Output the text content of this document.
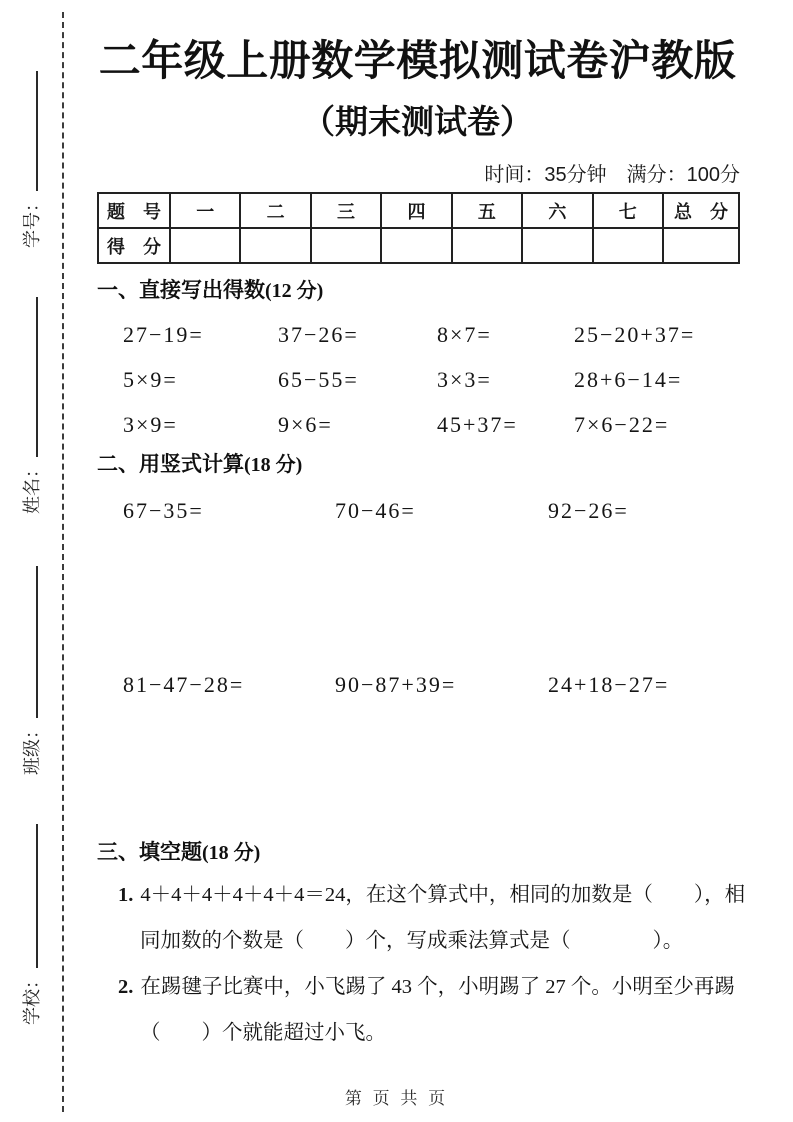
学号：
姓名：
班级：
学校：
二年级上册数学模拟测试卷沪教版
（期末测试卷）
时间：35分钟　满分：100分
题　号	一	二	三	四	五	六	七	总　分
得　分								
一、直接写出得数(12 分)
27−19=	37−26=	8×7=	25−20+37=
5×9=	65−55=	3×3=	28+6−14=
3×9=	9×6=	45+37=	7×6−22=
二、用竖式计算(18 分)
67−35=	70−46=	92−26=
81−47−28=	90−87+39=	24+18−27=
三、填空题(18 分)
1. 4＋4＋4＋4＋4＋4＝24，在这个算式中，相同的加数是（　　），相
同加数的个数是（　　）个，写成乘法算式是（　　　　）。
2. 在踢毽子比赛中，小飞踢了 43 个，小明踢了 27 个。小明至少再踢
（　　）个就能超过小飞。
第 页 共 页
